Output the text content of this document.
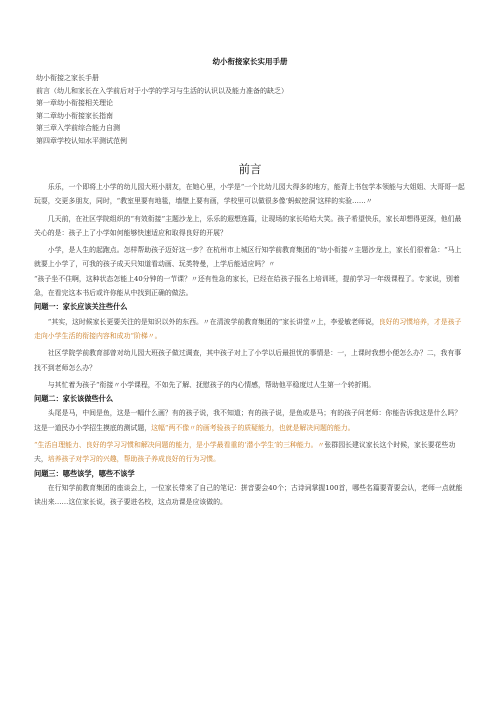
幼小衔接家长实用手册
幼小衔接之家长手册
前言（幼儿和家长在入学前后对于小学的学习与生活的认识以及能力准备的缺乏）
第一章幼小衔接相关理论
第二章幼小衔接家长指南
第三章入学前综合能力自测
第四章学校认知水平测试范例
前言

乐乐，一个即将上小学的幼儿园大班小朋友，在她心里，小学是“一个比幼儿园大得多的地方，能背上书包学本领能与大姐姐、大哥哥一起玩耍，交更多朋友，同时，“教室里要有地毯，墙壁上要有画，学校里可以做很多像‘蚂蚁挖洞’这样的实验……〃

几天前，在社区学院组织的“有效衔接”主题沙龙上，乐乐的遐想连篇，让现场的家长哈哈大笑。孩子希望快乐，家长却想得更深，他们最关心的是：孩子上了小学如何能够快速适应和取得良好的开展？

小学，是人生的起跑点。怎样帮助孩子迈好这一步？在杭州市上城区行知学前教育集团的“幼小衔接〃主题沙龙上，家长们很着急：“马上就要上小学了，可我的孩子成天只知道看动画、玩类特曼，上学后能适应吗？〃

“孩子坐不住啊，这种状态怎能上40分钟的一节课？〃还有性急的家长，已经在给孩子报名上培训班，提前学习一年级课程了。专家说，别着急，在看完这本书后或许你能从中找到正确的做法。

问题一：家长应该关注些什么

“其实，这时候家长更要关注的是知识以外的东西。〃在清波学前教育集团的“家长讲堂〃上，李爱敏老师说，良好的习惯培养，才是孩子走向小学生活的衔接内容和成功“阶梯〃。

社区学院学前教育部曾对幼儿园大班孩子做过调查，其中孩子对上了小学以后最担忧的事情是：一，上课时我想小便怎么办？二，我有事找不到老师怎么办？

与其忙着为孩子“衔接〃小学课程，不如先了解、抚慰孩子的内心情感，帮助他平稳度过人生第一个转折期。

问题二：家长该做些什么

头尾是马，中间是鱼，这是一幅什么画？有的孩子说，我不知道；有的孩子说，是鱼或是马；有的孩子问老师：你能告诉我这是什么吗？这是一道民办小学招生摸底的测试题，这幅“两不像〃的画考验孩子的质疑能力，也就是解决问题的能力。

“生活自理能力、良好的学习习惯和解决问题的能力，是小学最看重的‘潜小学生’的三种能力。〃张群园长建议家长这个时候，家长要花些功夫，培养孩子对学习的兴趣，帮助孩子养成良好的行为习惯。

问题三：哪些该学，哪些不该学

在行知学前教育集团的座谈会上，一位家长带来了自己的笔记：拼音要会40个；古诗词掌握100首，哪些名篇要背要会认，老师一点就能读出来……这位家长说，孩子要进名校，这点功课是应该做的。
